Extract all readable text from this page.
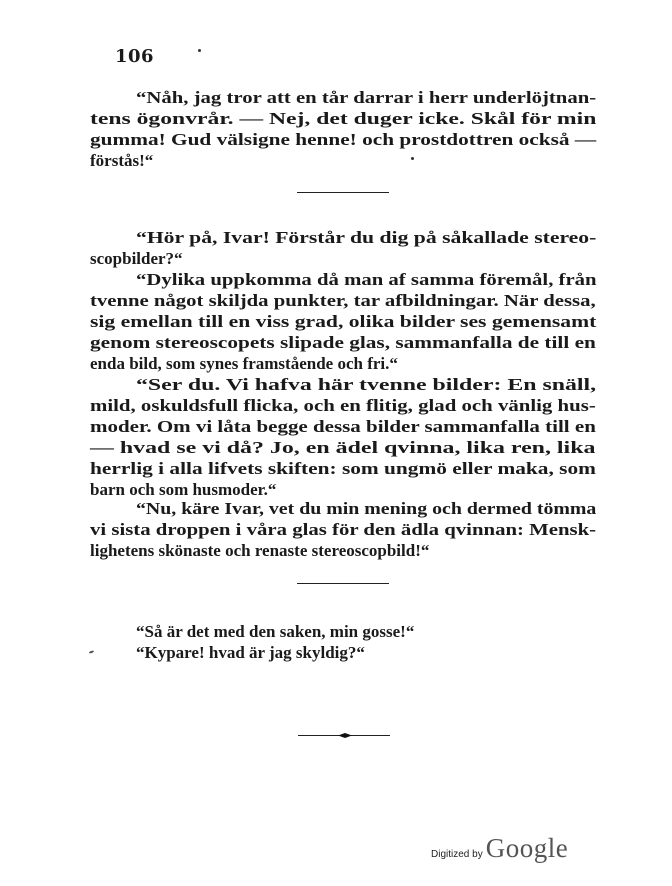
106
“Nåh, jag tror att en tår darrar i herr underlöjtnan-
tens ögonvrår. — Nej, det duger icke. Skål för min
gumma! Gud välsigne henne! och prostdottren också —
förstås!“
“Hör på, Ivar! Förstår du dig på såkallade stereo-
scopbilder?“
“Dylika uppkomma då man af samma föremål, från
tvenne något skiljda punkter, tar afbildningar. När dessa,
sig emellan till en viss grad, olika bilder ses gemensamt
genom stereoscopets slipade glas, sammanfalla de till en
enda bild, som synes framstående och fri.“
“Ser du. Vi hafva här tvenne bilder: En snäll,
mild, oskuldsfull flicka, och en flitig, glad och vänlig hus-
moder. Om vi låta begge dessa bilder sammanfalla till en
— hvad se vi då? Jo, en ädel qvinna, lika ren, lika
herrlig i alla lifvets skiften: som ungmö eller maka, som
barn och som husmoder.“
“Nu, käre Ivar, vet du min mening och dermed tömma
vi sista droppen i våra glas för den ädla qvinnan: Mensk-
lighetens skönaste och renaste stereoscopbild!“
“Så är det med den saken, min gosse!“
“Kypare! hvad är jag skyldig?“
Digitized by Google
